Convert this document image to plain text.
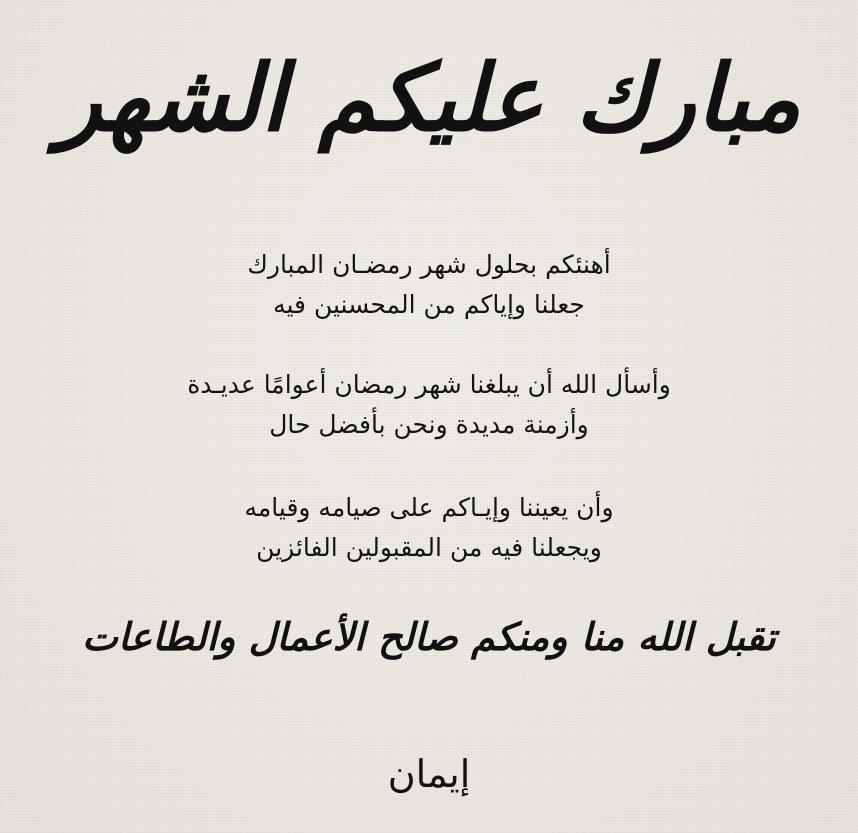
مبارك عليكم الشهر

أهنئكم بحلول شهر رمضـان المبارك

جعلنا وإياكم من المحسنين فيه

وأسأل الله أن يبلغنا شهر رمضان أعوامًا عديـدة

وأزمنة مديدة ونحن بأفضل حال

وأن يعيننا وإيـاكم على صيامه وقيامه

ويجعلنا فيه من المقبولين الفائزين

تقبل الله منا ومنكم صالح الأعمال والطاعات
إيمان
